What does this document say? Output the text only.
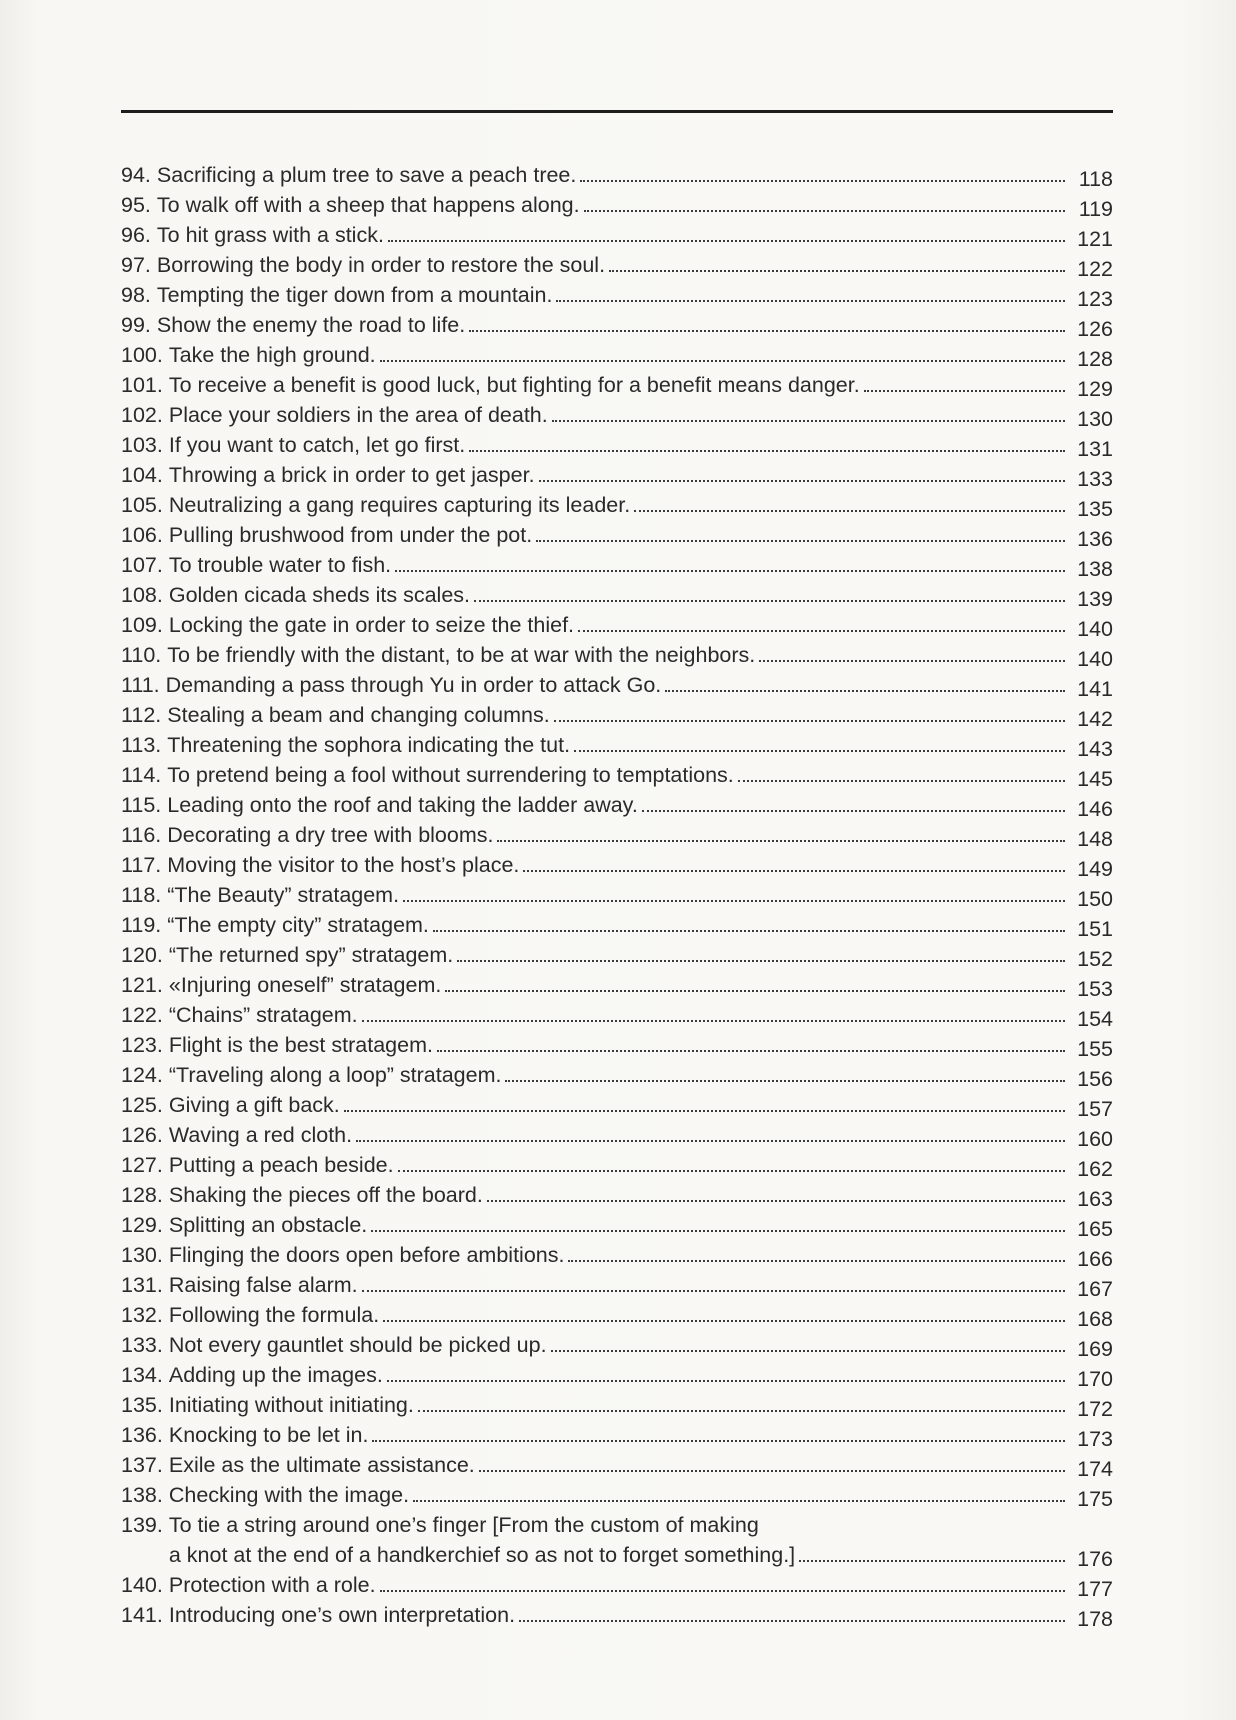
94. Sacrificing a plum tree to save a peach tree.	118
95. To walk off with a sheep that happens along.	119
96. To hit grass with a stick.	121
97. Borrowing the body in order to restore the soul.	122
98. Tempting the tiger down from a mountain.	123
99. Show the enemy the road to life.	126
100. Take the high ground.	128
101. To receive a benefit is good luck, but fighting for a benefit means danger.	129
102. Place your soldiers in the area of death.	130
103. If you want to catch, let go first.	131
104. Throwing a brick in order to get jasper.	133
105. Neutralizing a gang requires capturing its leader.	135
106. Pulling brushwood from under the pot.	136
107. To trouble water to fish.	138
108. Golden cicada sheds its scales.	139
109. Locking the gate in order to seize the thief.	140
110. To be friendly with the distant, to be at war with the neighbors.	140
111. Demanding a pass through Yu in order to attack Go.	141
112. Stealing a beam and changing columns.	142
113. Threatening the sophora indicating the tut.	143
114. To pretend being a fool without surrendering to temptations.	145
115. Leading onto the roof and taking the ladder away.	146
116. Decorating a dry tree with blooms.	148
117. Moving the visitor to the host’s place.	149
118. “The Beauty” stratagem.	150
119. “The empty city” stratagem.	151
120. “The returned spy” stratagem.	152
121. «Injuring oneself” stratagem.	153
122. “Chains” stratagem.	154
123. Flight is the best stratagem.	155
124. “Traveling along a loop” stratagem.	156
125. Giving a gift back.	157
126. Waving a red cloth.	160
127. Putting a peach beside.	162
128. Shaking the pieces off the board.	163
129. Splitting an obstacle.	165
130. Flinging the doors open before ambitions.	166
131. Raising false alarm.	167
132. Following the formula.	168
133. Not every gauntlet should be picked up.	169
134. Adding up the images.	170
135. Initiating without initiating.	172
136. Knocking to be let in.	173
137. Exile as the ultimate assistance.	174
138. Checking with the image.	175
139. To tie a string around one’s finger [From the custom of making
a knot at the end of a handkerchief so as not to forget something.]	176
140. Protection with a role.	177
141. Introducing one’s own interpretation.	178
